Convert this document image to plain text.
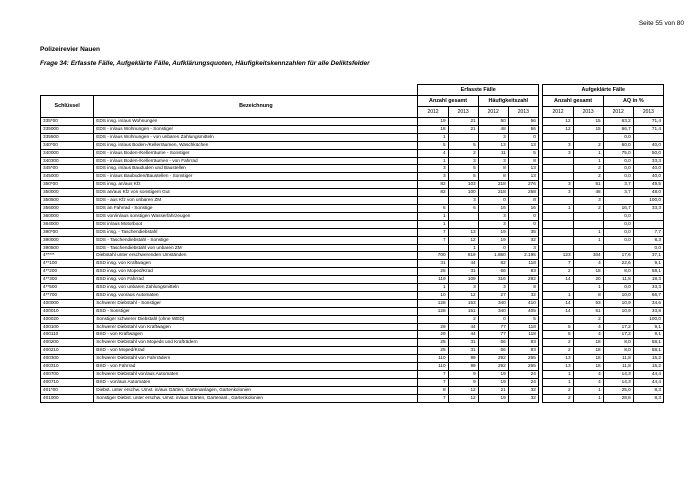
Seite 55 von 80
Polizeirevier Nauen
Frage 34: Erfasste Fälle, Aufgeklärte Fälle, Aufklärungsquoten, Häufigkeitskennzahlen für alle Deliktsfelder
		Erfasste Fälle					Aufgeklärte Fälle			
Schlüssel	Bezeichnung	Anzahl gesamt		Häufigkeitszahl			Anzahl gesamt		AQ in %	
		2012	2013	2012	2013		2012	2013	2012	2013
335*00	EDS insg. in/aus Wohnungen	19	21	50	56		12	15	63,2	71,4
335000	EDS - in/aus Wohnungen - Sonstiger	18	21	48	56		12	15	66,7	71,4
335500	EDS - in/aus Wohnungen - von unbaren Zahlungsmitteln	1		3	0				0,0	
340*00	EDS insg. in/aus Boden-/Kellerräumen, Waschküchen	5	5	13	13		3	2	60,0	40,0
340000	EDS - in/aus Boden-/Kellerräume - Sonstiger	4	2	11	5		3	1	75,0	50,0
340300	EDS - in/aus Boden-/Kellerräumen - von Fahrrad	1	3	3	8			1	0,0	33,3
345*00	EDS insg. in/aus Baududen und Baustellen	3	5	8	13			2	0,0	40,0
345000	EDS - in/aus Baubuden/Baustellen - Sonstiger	3	5	8	13			2	0,0	40,0
350*00	EDS insg. an/aus Kfz	82	103	218	276		3	51	3,7	49,5
350000	EDS an/aus Kfz von sonstigem Gut	82	100	218	268		3	48	3,7	48,0
350500	EDS - aus Kfz von unbaren ZM		3	0	8			3		100,0
356000	EDS an Fahrrad - Sonstige	6	6	16	16		1	2	16,7	33,3
360000	EDS von/in/aus sonstigen Wasserfahrzeugen	1		3	0				0,0	
364000	EDS in/aus Motorboot	1		3	0				0,0	
390*00	EDS insg. - Taschendiebstahl	7	13	19	35			1	0,0	7,7
390000	EDS - Taschendiebstahl - Sonstige	7	12	19	32			1	0,0	8,3
390500	EDS - Taschendiebstahl von unbaren ZM		1	0	3					0,0
4*****	Diebstahl unter erschwerenden Umständen	700	819	1.860	2.195		123	304	17,6	37,1
4**100	BSD insg. von Kraftwagen	31	44	82	118		7	4	22,6	9,1
4**200	BSD insg. von Moped/Krad	25	31	66	83		2	18	8,0	58,1
4**300	BSD insg. von Fahrrad	119	109	316	292		14	20	11,8	18,3
4**500	BSD insg. von unbaren Zahlungsmitteln	1	3	3	8			1	0,0	33,3
4**700	BSD insg. von/aus Automaten	10	12	27	32		1	8	10,0	66,7
400000	Schwerer Diebstahl - Sonstiger	128	153	340	410		14	53	10,9	34,6
400010	BSD - Sonstiger	128	151	340	405		14	51	10,9	33,8
400020	Sonstiger schwerer Diebstahl (ohne WED)		2	0	5			2		100,0
400100	Schwerer Diebstahl von Kraftwagen	29	44	77	118		5	4	17,2	9,1
400110	BSD - von Kraftwagen	29	44	77	118		5	4	17,2	9,1
400200	Schwerer Diebstahl von Mopeds und Krafträdern	25	31	66	83		2	18	8,0	58,1
400210	BSD - von Moped/Krad	25	31	66	83		2	18	8,0	58,1
400300	Schwerer Diebstahl von Fahrrädern	110	99	292	265		13	15	11,8	15,2
400310	BSD - von Fahrrad	110	99	292	265		13	15	11,8	15,2
400700	Schwerer Diebstahl von/aus Automaten	7	9	19	24		1	4	14,3	44,4
400710	BSD - von/aus Automaten	7	9	19	24		1	4	14,3	44,4
401*00	Diebst. unter erschw. Umst. in/aus Gärten, Gartenanlagen, Gartenkolonien	8	12	21	32		2	1	25,0	8,3
401000	Sonstiger Diebst. unter erschw. Umst. in/aus Gärten, Gartenanl., Gartenkolonien	7	12	19	32		2	1	28,6	8,3
